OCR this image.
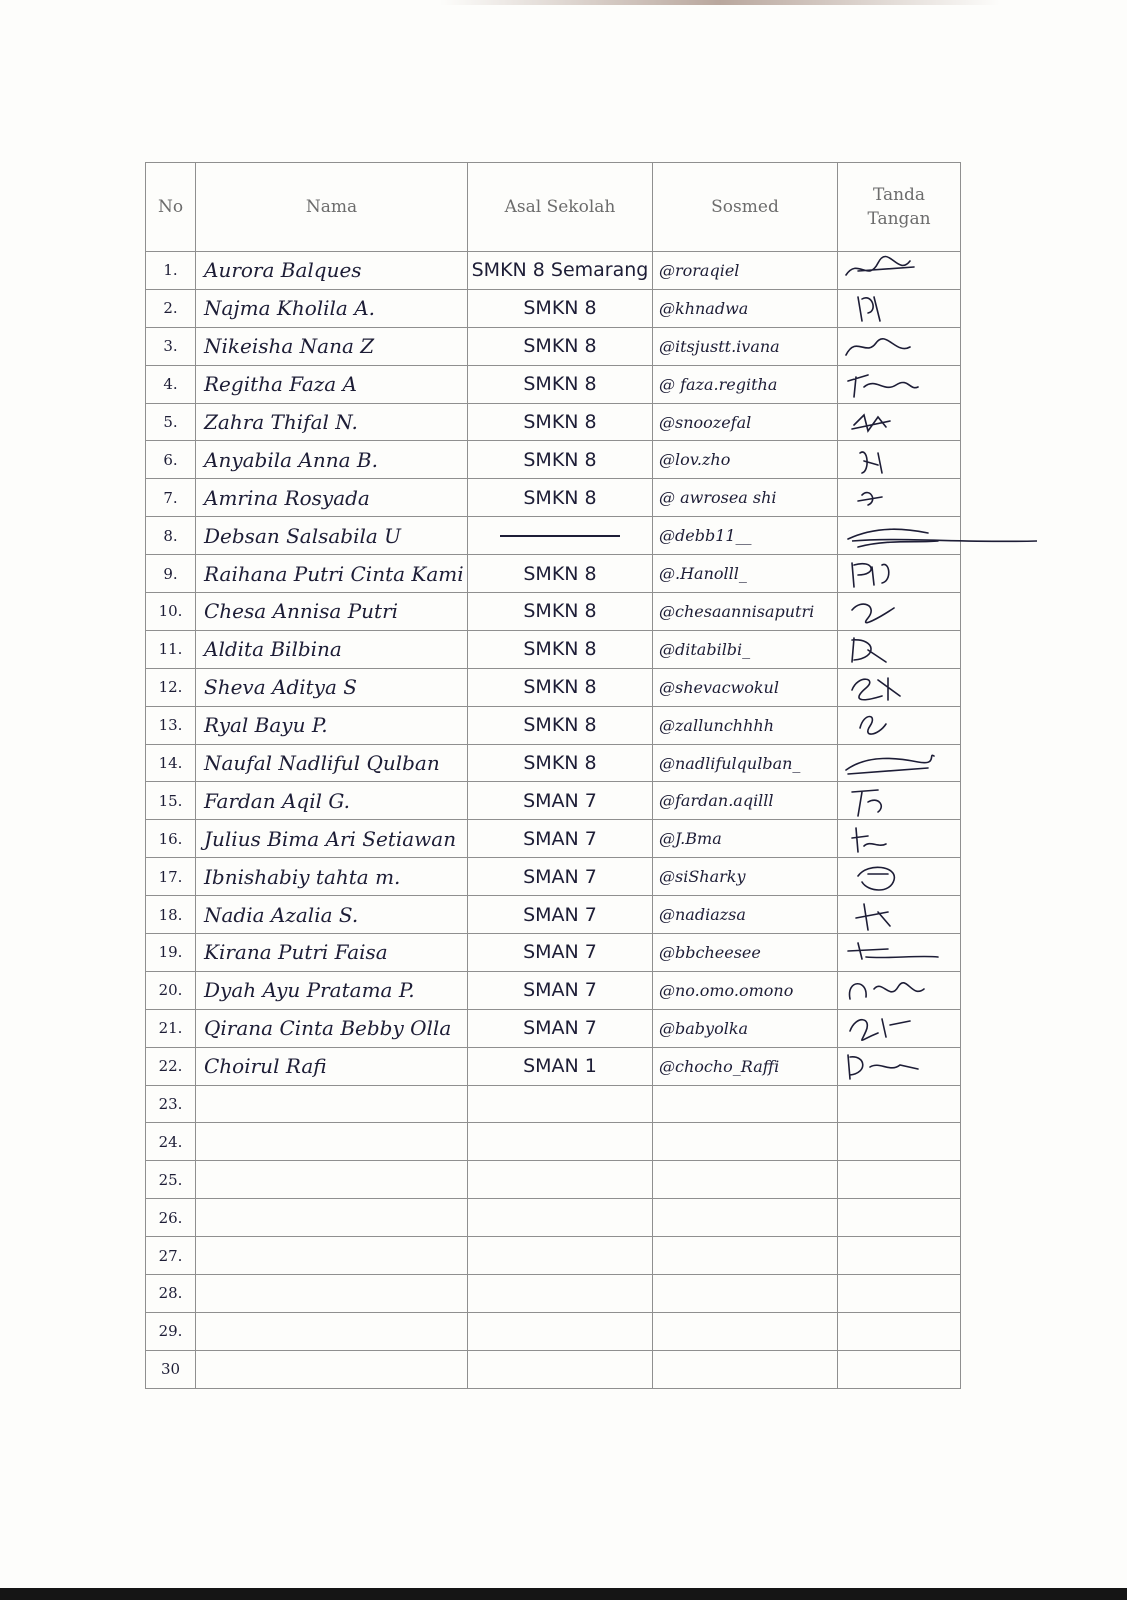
No	Nama	Asal Sekolah	Sosmed	Tanda Tangan
1.	Aurora Balques	SMKN 8 Semarang	@roraqiel	

2.	Najma Kholila A.	SMKN 8	@khnadwa	

3.	Nikeisha Nana Z	SMKN 8	@itsjustt.ivana	

4.	Regitha Faza A	SMKN 8	@ faza.regitha	

5.	Zahra Thifal N.	SMKN 8	@snoozefal	

6.	Anyabila Anna B.	SMKN 8	@lov.zho	

7.	Amrina Rosyada	SMKN 8	@ awrosea shi	

8.	Debsan Salsabila U		@debb11__	

9.	Raihana Putri Cinta Kami	SMKN 8	@.Hanolll_	

10.	Chesa Annisa Putri	SMKN 8	@chesaannisaputri	

11.	Aldita Bilbina	SMKN 8	@ditabilbi_	

12.	Sheva Aditya S	SMKN 8	@shevacwokul	

13.	Ryal Bayu P.	SMKN 8	@zallunchhhh	

14.	Naufal Nadliful Qulban	SMKN 8	@nadlifulqulban_	

15.	Fardan Aqil G.	SMAN 7	@fardan.aqilll	

16.	Julius Bima Ari Setiawan	SMAN 7	@J.Bma	

17.	Ibnishabiy tahta m.	SMAN 7	@siSharky	

18.	Nadia Azalia S.	SMAN 7	@nadiazsa	

19.	Kirana Putri Faisa	SMAN 7	@bbcheesee	

20.	Dyah Ayu Pratama P.	SMAN 7	@no.omo.omono	

21.	Qirana Cinta Bebby Olla	SMAN 7	@babyolka	

22.	Choirul Rafi	SMAN 1	@chocho_Raffi	

23.				
24.				
25.				
26.				
27.				
28.				
29.				
30				
